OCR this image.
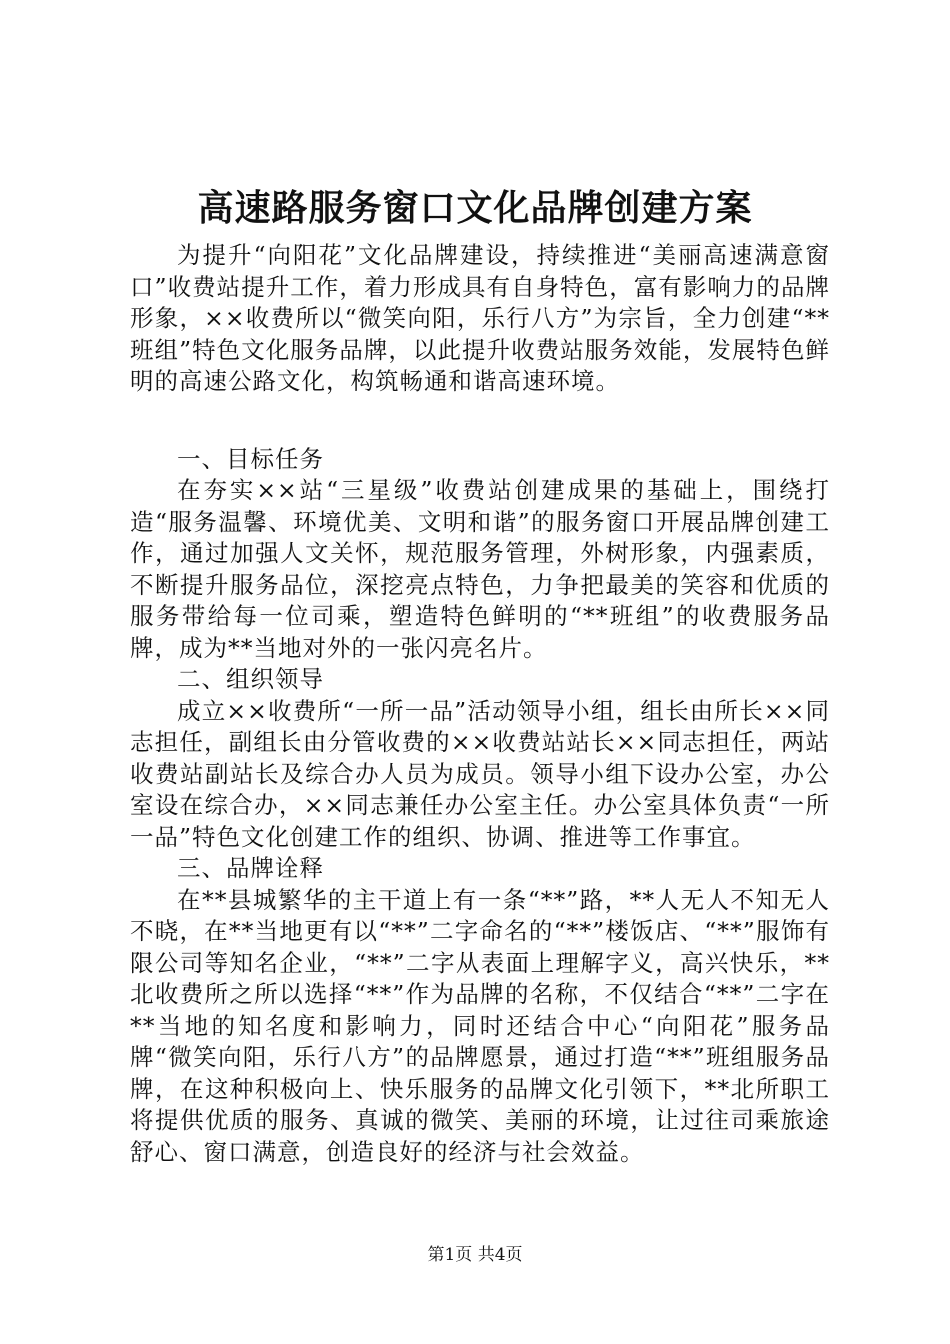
高速路服务窗口文化品牌创建方案

为提升“向阳花”文化品牌建设，持续推进“美丽高速满意窗口”收费站提升工作，着力形成具有自身特色，富有影响力的品牌形象，××收费所以“微笑向阳，乐行八方”为宗旨，全力创建“**班组”特色文化服务品牌，以此提升收费站服务效能，发展特色鲜明的高速公路文化，构筑畅通和谐高速环境。

一、目标任务

在夯实××站“三星级”收费站创建成果的基础上，围绕打造“服务温馨、环境优美、文明和谐”的服务窗口开展品牌创建工作，通过加强人文关怀，规范服务管理，外树形象，内强素质，不断提升服务品位，深挖亮点特色，力争把最美的笑容和优质的服务带给每一位司乘，塑造特色鲜明的“**班组”的收费服务品牌，成为**当地对外的一张闪亮名片。

二、组织领导

成立××收费所“一所一品”活动领导小组，组长由所长××同志担任，副组长由分管收费的××收费站站长××同志担任，两站收费站副站长及综合办人员为成员。领导小组下设办公室，办公室设在综合办，××同志兼任办公室主任。办公室具体负责“一所一品”特色文化创建工作的组织、协调、推进等工作事宜。

三、品牌诠释

在**县城繁华的主干道上有一条“**”路，**人无人不知无人不晓，在**当地更有以“**”二字命名的“**”楼饭店、“**”服饰有限公司等知名企业，“**”二字从表面上理解字义，高兴快乐，**北收费所之所以选择“**”作为品牌的名称，不仅结合“**”二字在**当地的知名度和影响力，同时还结合中心“向阳花”服务品牌“微笑向阳，乐行八方”的品牌愿景，通过打造“**”班组服务品牌，在这种积极向上、快乐服务的品牌文化引领下，**北所职工将提供优质的服务、真诚的微笑、美丽的环境，让过往司乘旅途舒心、窗口满意，创造良好的经济与社会效益。

第1页 共4页
